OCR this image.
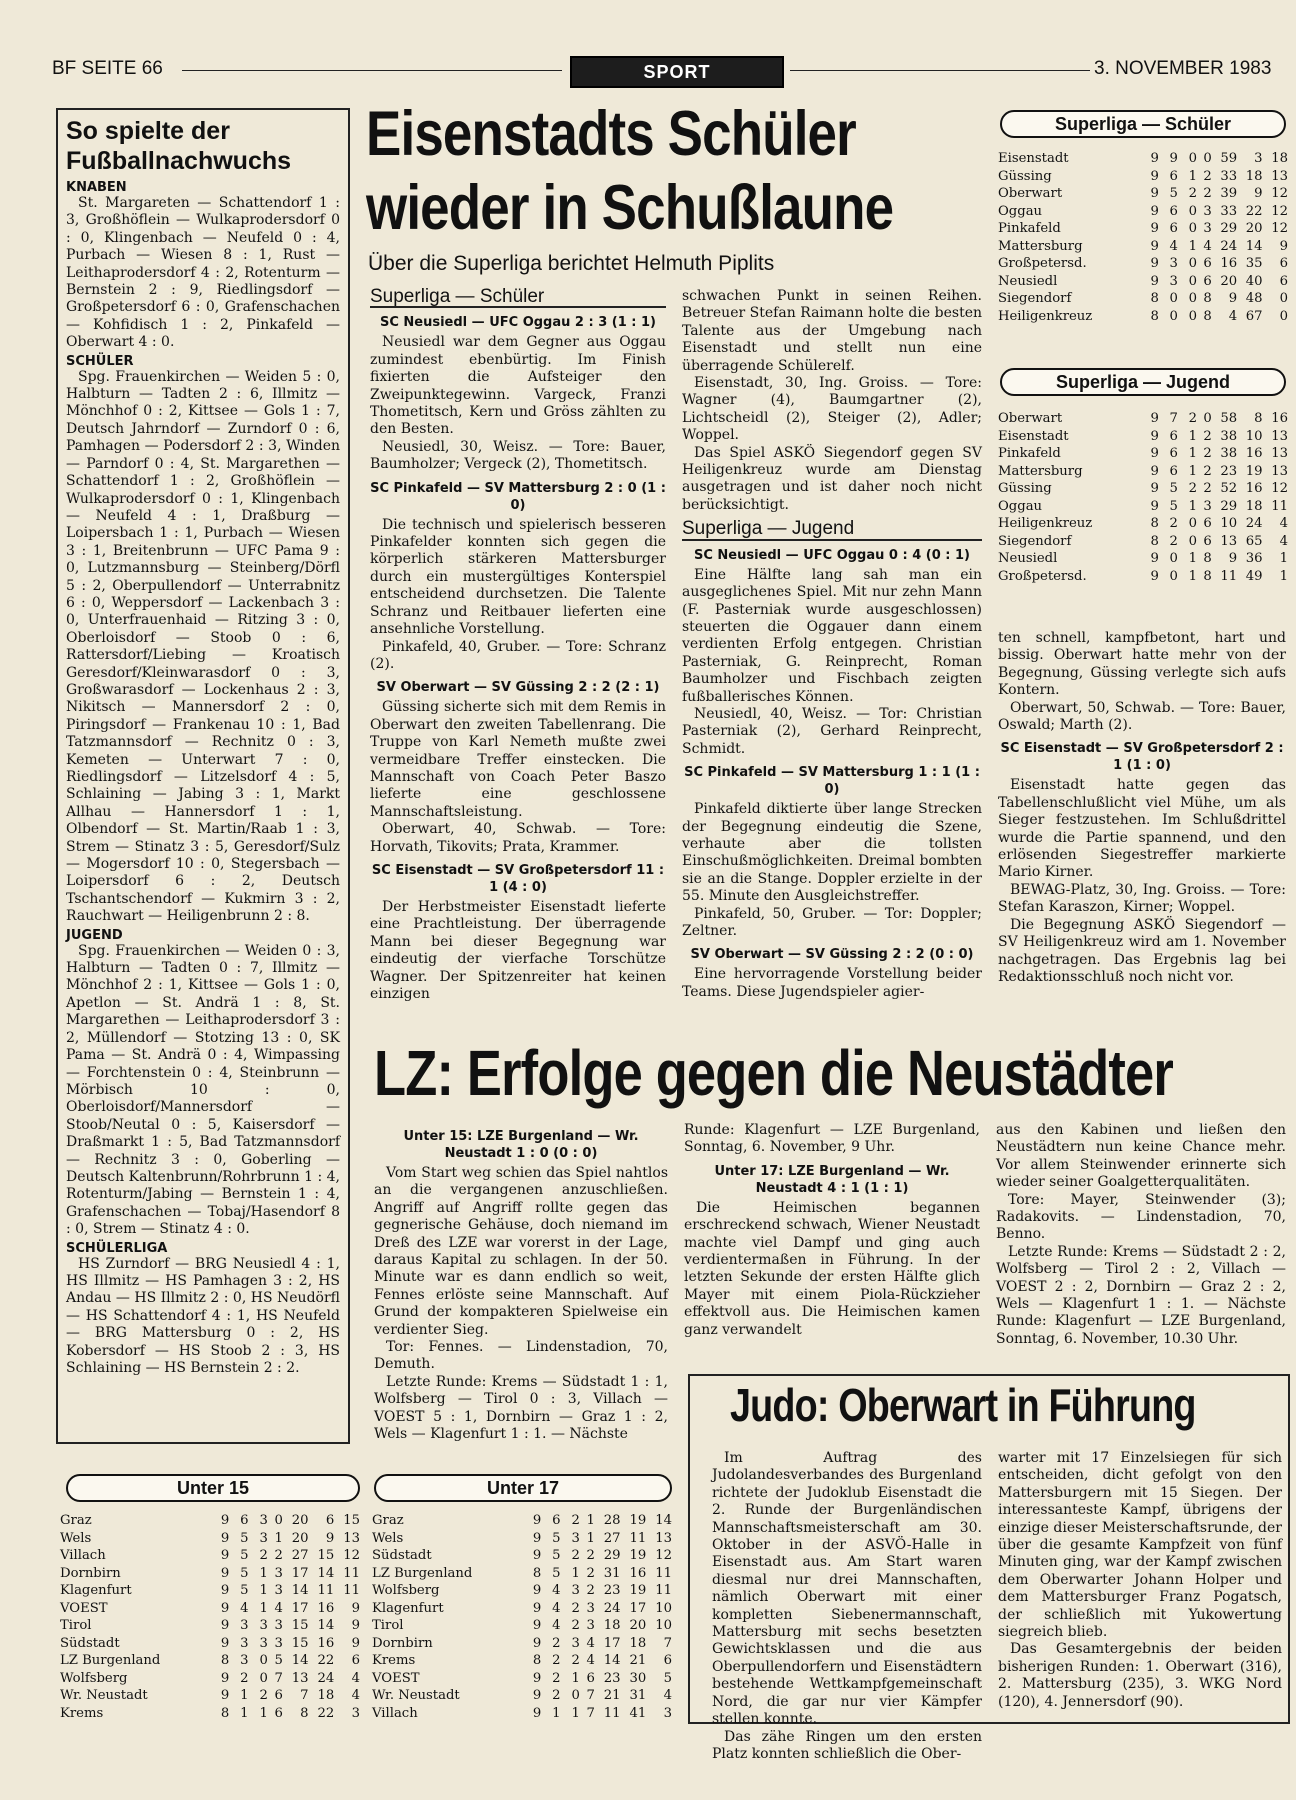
BF SEITE 66	SPORT	3. NOVEMBER 1983
So spielte der Fußballnachwuchs
KNABEN
St. Margareten — Schattendorf 1 : 3, Großhöflein — Wulkaprodersdorf 0 : 0, Klingenbach — Neufeld 0 : 4, Purbach — Wiesen 8 : 1, Rust — Leithaprodersdorf 4 : 2, Rotenturm — Bernstein 2 : 9, Riedlingsdorf — Großpetersdorf 6 : 0, Grafenschachen — Kohfidisch 1 : 2, Pinkafeld — Oberwart 4 : 0.
SCHÜLER
Spg. Frauenkirchen — Weiden 5 : 0, Halbturn — Tadten 2 : 6, Illmitz — Mönchhof 0 : 2, Kittsee — Gols 1 : 7, Deutsch Jahrndorf — Zurndorf 0 : 6, Pamhagen — Podersdorf 2 : 3, Winden — Parndorf 0 : 4, St. Margarethen — Schattendorf 1 : 2, Großhöflein — Wulkaprodersdorf 0 : 1, Klingenbach — Neufeld 4 : 1, Draßburg — Loipersbach 1 : 1, Purbach — Wiesen 3 : 1, Breitenbrunn — UFC Pama 9 : 0, Lutzmannsburg — Steinberg/Dörfl 5 : 2, Oberpullendorf — Unterrabnitz 6 : 0, Weppersdorf — Lackenbach 3 : 0, Unterfrauenhaid — Ritzing 3 : 0, Oberloisdorf — Stoob 0 : 6, Rattersdorf/Liebing — Kroatisch Geresdorf/Kleinwarasdorf 0 : 3, Großwarasdorf — Lockenhaus 2 : 3, Nikitsch — Mannersdorf 2 : 0, Piringsdorf — Frankenau 10 : 1, Bad Tatzmannsdorf — Rechnitz 0 : 3, Kemeten — Unterwart 7 : 0, Riedlingsdorf — Litzelsdorf 4 : 5, Schlaining — Jabing 3 : 1, Markt Allhau — Hannersdorf 1 : 1, Olbendorf — St. Martin/Raab 1 : 3, Strem — Stinatz 3 : 5, Geresdorf/Sulz — Mogersdorf 10 : 0, Stegersbach — Loipersdorf 6 : 2, Deutsch Tschantschendorf — Kukmirn 3 : 2, Rauchwart — Heiligenbrunn 2 : 8.
JUGEND
Spg. Frauenkirchen — Weiden 0 : 3, Halbturn — Tadten 0 : 7, Illmitz — Mönchhof 2 : 1, Kittsee — Gols 1 : 0, Apetlon — St. Andrä 1 : 8, St. Margarethen — Leithaprodersdorf 3 : 2, Müllendorf — Stotzing 13 : 0, SK Pama — St. Andrä 0 : 4, Wimpassing — Forchtenstein 0 : 4, Steinbrunn — Mörbisch 10 : 0, Oberloisdorf/Mannersdorf — Stoob/Neutal 0 : 5, Kaisersdorf — Draßmarkt 1 : 5, Bad Tatzmannsdorf — Rechnitz 3 : 0, Goberling — Deutsch Kaltenbrunn/Rohrbrunn 1 : 4, Rotenturm/Jabing — Bernstein 1 : 4, Grafenschachen — Tobaj/Hasendorf 8 : 0, Strem — Stinatz 4 : 0.
SCHÜLERLIGA
HS Zurndorf — BRG Neusiedl 4 : 1, HS Illmitz — HS Pamhagen 3 : 2, HS Andau — HS Illmitz 2 : 0, HS Neudörfl — HS Schattendorf 4 : 1, HS Neufeld — BRG Mattersburg 0 : 2, HS Kobersdorf — HS Stoob 2 : 3, HS Schlaining — HS Bernstein 2 : 2.
Eisenstadts Schüler
wieder in Schußlaune
Über die Superliga berichtet Helmuth Piplits
Superliga — Schüler
SC Neusiedl — UFC Oggau 2 : 3 (1 : 1)

Neusiedl war dem Gegner aus Oggau zumindest ebenbürtig. Im Finish fixierten die Aufsteiger den Zweipunktegewinn. Vargeck, Franzi Thometitsch, Kern und Gröss zählten zu den Besten.

Neusiedl, 30, Weisz. — Tore: Bauer, Baumholzer; Vergeck (2), Thometitsch.

SC Pinkafeld — SV Mattersburg 2 : 0 (1 : 0)

Die technisch und spielerisch besseren Pinkafelder konnten sich gegen die körperlich stärkeren Mattersburger durch ein mustergültiges Konterspiel entscheidend durchsetzen. Die Talente Schranz und Reitbauer lieferten eine ansehnliche Vorstellung.

Pinkafeld, 40, Gruber. — Tore: Schranz (2).

SV Oberwart — SV Güssing 2 : 2 (2 : 1)

Güssing sicherte sich mit dem Remis in Oberwart den zweiten Tabellenrang. Die Truppe von Karl Nemeth mußte zwei vermeidbare Treffer einstecken. Die Mannschaft von Coach Peter Baszo lieferte eine geschlossene Mannschaftsleistung.

Oberwart, 40, Schwab. — Tore: Horvath, Tikovits; Prata, Krammer.

SC Eisenstadt — SV Großpetersdorf 11 : 1 (4 : 0)

Der Herbstmeister Eisenstadt lieferte eine Prachtleistung. Der überragende Mann bei dieser Begegnung war eindeutig der vierfache Torschütze Wagner. Der Spitzenreiter hat keinen einzigen

schwachen Punkt in seinen Reihen. Betreuer Stefan Raimann holte die besten Talente aus der Umgebung nach Eisenstadt und stellt nun eine überragende Schülerelf.

Eisenstadt, 30, Ing. Groiss. — Tore: Wagner (4), Baumgartner (2), Lichtscheidl (2), Steiger (2), Adler; Woppel.

Das Spiel ASKÖ Siegendorf gegen SV Heiligenkreuz wurde am Dienstag ausgetragen und ist daher noch nicht berücksichtigt.

Superliga — Jugend
SC Neusiedl — UFC Oggau 0 : 4 (0 : 1)

Eine Hälfte lang sah man ein ausgeglichenes Spiel. Mit nur zehn Mann (F. Pasterniak wurde ausgeschlossen) steuerten die Oggauer dann einem verdienten Erfolg entgegen. Christian Pasterniak, G. Reinprecht, Roman Baumholzer und Fischbach zeigten fußballerisches Können.

Neusiedl, 40, Weisz. — Tor: Christian Pasterniak (2), Gerhard Reinprecht, Schmidt.

SC Pinkafeld — SV Mattersburg 1 : 1 (1 : 0)

Pinkafeld diktierte über lange Strecken der Begegnung eindeutig die Szene, verhaute aber die tollsten Einschußmöglichkeiten. Dreimal bombten sie an die Stange. Doppler erzielte in der 55. Minute den Ausgleichstreffer.

Pinkafeld, 50, Gruber. — Tor: Doppler; Zeltner.

SV Oberwart — SV Güssing 2 : 2 (0 : 0)

Eine hervorragende Vorstellung beider Teams. Diese Jugendspieler agier-

Superliga — Schüler
Eisenstadt	9	9	0	0	59	3	18
Güssing	9	6	1	2	33	18	13
Oberwart	9	5	2	2	39	9	12
Oggau	9	6	0	3	33	22	12
Pinkafeld	9	6	0	3	29	20	12
Mattersburg	9	4	1	4	24	14	9
Großpetersd.	9	3	0	6	16	35	6
Neusiedl	9	3	0	6	20	40	6
Siegendorf	8	0	0	8	9	48	0
Heiligenkreuz	8	0	0	8	4	67	0
Superliga — Jugend
Oberwart	9	7	2	0	58	8	16
Eisenstadt	9	6	1	2	38	10	13
Pinkafeld	9	6	1	2	38	16	13
Mattersburg	9	6	1	2	23	19	13
Güssing	9	5	2	2	52	16	12
Oggau	9	5	1	3	29	18	11
Heiligenkreuz	8	2	0	6	10	24	4
Siegendorf	8	2	0	6	13	65	4
Neusiedl	9	0	1	8	9	36	1
Großpetersd.	9	0	1	8	11	49	1

ten schnell, kampfbetont, hart und bissig. Oberwart hatte mehr von der Begegnung, Güssing verlegte sich aufs Kontern.

Oberwart, 50, Schwab. — Tore: Bauer, Oswald; Marth (2).

SC Eisenstadt — SV Großpetersdorf 2 : 1 (1 : 0)

Eisenstadt hatte gegen das Tabellenschlußlicht viel Mühe, um als Sieger festzustehen. Im Schlußdrittel wurde die Partie spannend, und den erlösenden Siegestreffer markierte Mario Kirner.

BEWAG-Platz, 30, Ing. Groiss. — Tore: Stefan Karaszon, Kirner; Woppel.

Die Begegnung ASKÖ Siegendorf — SV Heiligenkreuz wird am 1. November nachgetragen. Das Ergebnis lag bei Redaktionsschluß noch nicht vor.

LZ: Erfolge gegen die Neustädter
Unter 15: LZE Burgenland — Wr. Neustadt 1 : 0 (0 : 0)

Vom Start weg schien das Spiel nahtlos an die vergangenen anzuschließen. Angriff auf Angriff rollte gegen das gegnerische Gehäuse, doch niemand im Dreß des LZE war vorerst in der Lage, daraus Kapital zu schlagen. In der 50. Minute war es dann endlich so weit, Fennes erlöste seine Mannschaft. Auf Grund der kompakteren Spielweise ein verdienter Sieg.

Tor: Fennes. — Lindenstadion, 70, Demuth.

Letzte Runde: Krems — Südstadt 1 : 1, Wolfsberg — Tirol 0 : 3, Villach — VOEST 5 : 1, Dornbirn — Graz 1 : 2, Wels — Klagenfurt 1 : 1. — Nächste

Runde: Klagenfurt — LZE Burgenland, Sonntag, 6. November, 9 Uhr.

Unter 17: LZE Burgenland — Wr. Neustadt 4 : 1 (1 : 1)

Die Heimischen begannen erschreckend schwach, Wiener Neustadt machte viel Dampf und ging auch verdientermaßen in Führung. In der letzten Sekunde der ersten Hälfte glich Mayer mit einem Piola-Rückzieher effektvoll aus. Die Heimischen kamen ganz verwandelt

aus den Kabinen und ließen den Neustädtern nun keine Chance mehr. Vor allem Steinwender erinnerte sich wieder seiner Goalgetterqualitäten.

Tore: Mayer, Steinwender (3); Radakovits. — Lindenstadion, 70, Benno.

Letzte Runde: Krems — Südstadt 2 : 2, Wolfsberg — Tirol 2 : 2, Villach — VOEST 2 : 2, Dornbirn — Graz 2 : 2, Wels — Klagenfurt 1 : 1. — Nächste Runde: Klagenfurt — LZE Burgenland, Sonntag, 6. November, 10.30 Uhr.

Unter 15
Graz	9	6	3	0	20	6	15
Wels	9	5	3	1	20	9	13
Villach	9	5	2	2	27	15	12
Dornbirn	9	5	1	3	17	14	11
Klagenfurt	9	5	1	3	14	11	11
VOEST	9	4	1	4	17	16	9
Tirol	9	3	3	3	15	14	9
Südstadt	9	3	3	3	15	16	9
LZ Burgenland	8	3	0	5	14	22	6
Wolfsberg	9	2	0	7	13	24	4
Wr. Neustadt	9	1	2	6	7	18	4
Krems	8	1	1	6	8	22	3
Unter 17
Graz	9	6	2	1	28	19	14
Wels	9	5	3	1	27	11	13
Südstadt	9	5	2	2	29	19	12
LZ Burgenland	8	5	1	2	31	16	11
Wolfsberg	9	4	3	2	23	19	11
Klagenfurt	9	4	2	3	24	17	10
Tirol	9	4	2	3	18	20	10
Dornbirn	9	2	3	4	17	18	7
Krems	8	2	2	4	14	21	6
VOEST	9	2	1	6	23	30	5
Wr. Neustadt	9	2	0	7	21	31	4
Villach	9	1	1	7	11	41	3
Judo: Oberwart in Führung

Im Auftrag des Judolandesverbandes des Burgenland richtete der Judoklub Eisenstadt die 2. Runde der Burgenländischen Mannschaftsmeisterschaft am 30. Oktober in der ASVÖ-Halle in Eisenstadt aus. Am Start waren diesmal nur drei Mannschaften, nämlich Oberwart mit einer kompletten Siebenermannschaft, Mattersburg mit sechs besetzten Gewichtsklassen und die aus Oberpullendorfern und Eisenstädtern bestehende Wettkampfgemeinschaft Nord, die gar nur vier Kämpfer stellen konnte.

Das zähe Ringen um den ersten Platz konnten schließlich die Ober-

warter mit 17 Einzelsiegen für sich entscheiden, dicht gefolgt von den Mattersburgern mit 15 Siegen. Der interessanteste Kampf, übrigens der einzige dieser Meisterschaftsrunde, der über die gesamte Kampfzeit von fünf Minuten ging, war der Kampf zwischen dem Oberwarter Johann Holper und dem Mattersburger Franz Pogatsch, der schließlich mit Yukowertung siegreich blieb.

Das Gesamtergebnis der beiden bisherigen Runden: 1. Oberwart (316), 2. Mattersburg (235), 3. WKG Nord (120), 4. Jennersdorf (90).
